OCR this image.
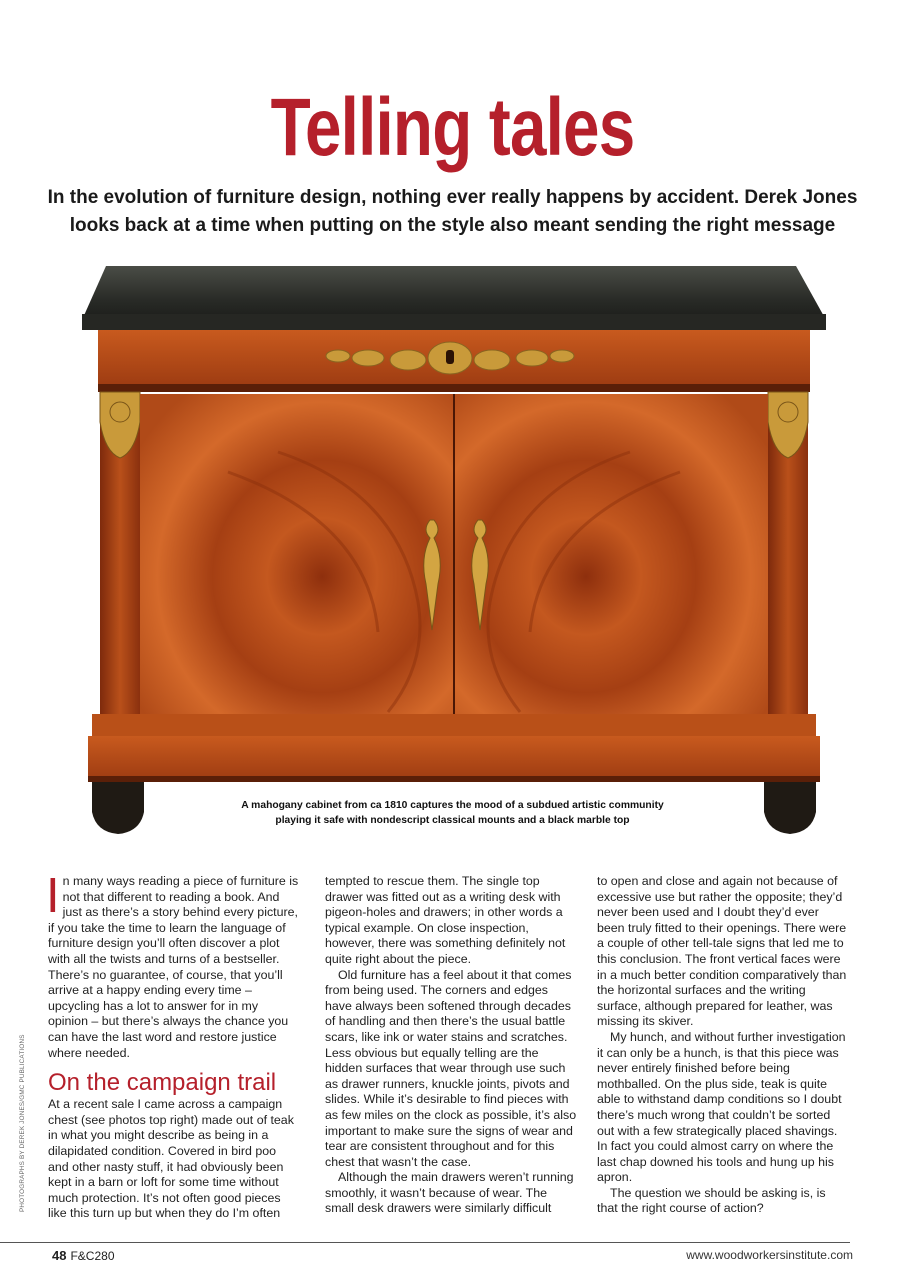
Telling tales

In the evolution of furniture design, nothing ever really happens by accident. Derek Jones looks back at a time when putting on the style also meant sending the right message

A mahogany cabinet from ca 1810 captures the mood of a subdued artistic community
playing it safe with nondescript classical mounts and a black marble top

In many ways reading a piece of furniture is not that different to reading a book. And just as there’s a story behind every picture, if you take the time to learn the language of furniture design you’ll often discover a plot with all the twists and turns of a bestseller. There’s no guarantee, of course, that you’ll arrive at a happy ending every time – upcycling has a lot to answer for in my opinion – but there’s always the chance you can have the last word and restore justice where needed.

On the campaign trail

At a recent sale I came across a campaign chest (see photos top right) made out of teak in what you might describe as being in a dilapidated condition. Covered in bird poo and other nasty stuff, it had obviously been kept in a barn or loft for some time without much protection. It’s not often good pieces like this turn up but when they do I’m often

tempted to rescue them. The single top drawer was fitted out as a writing desk with pigeon-holes and drawers; in other words a typical example. On close inspection, however, there was something definitely not quite right about the piece.

Old furniture has a feel about it that comes from being used. The corners and edges have always been softened through decades of handling and then there’s the usual battle scars, like ink or water stains and scratches. Less obvious but equally telling are the hidden surfaces that wear through use such as drawer runners, knuckle joints, pivots and slides. While it’s desirable to find pieces with as few miles on the clock as possible, it’s also important to make sure the signs of wear and tear are consistent throughout and for this chest that wasn’t the case.

Although the main drawers weren’t running smoothly, it wasn’t because of wear. The small desk drawers were similarly difficult

to open and close and again not because of excessive use but rather the opposite; they’d never been used and I doubt they’d ever been truly fitted to their openings. There were a couple of other tell-tale signs that led me to this conclusion. The front vertical faces were in a much better condition comparatively than the horizontal surfaces and the writing surface, although prepared for leather, was missing its skiver.

My hunch, and without further investigation it can only be a hunch, is that this piece was never entirely finished before being mothballed. On the plus side, teak is quite able to withstand damp conditions so I doubt there’s much wrong that couldn’t be sorted out with a few strategically placed shavings. In fact you could almost carry on where the last chap downed his tools and hung up his apron.

The question we should be asking is, is that the right course of action?

PHOTOGRAPHS BY DEREK JONES/GMC PUBLICATIONS
48 F&C280	www.woodworkersinstitute.com
